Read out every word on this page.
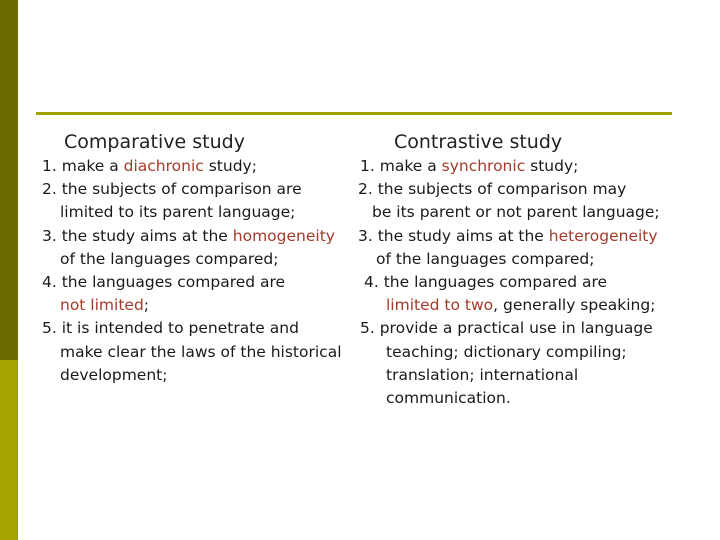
Comparative study	Contrastive study
1. make a diachronic study;
2. the subjects of comparison are
limited to its parent language;
3. the study aims at the homogeneity
of the languages compared;
4. the languages compared are
not limited;
5. it is intended to penetrate and
make clear the laws of the historical
development;
1. make a synchronic study;
2. the subjects of comparison may
be its parent or not parent language;
3. the study aims at the heterogeneity
of the languages compared;
4. the languages compared are
limited to two, generally speaking;
5. provide a practical use in language
teaching; dictionary compiling;
translation; international
communication.
